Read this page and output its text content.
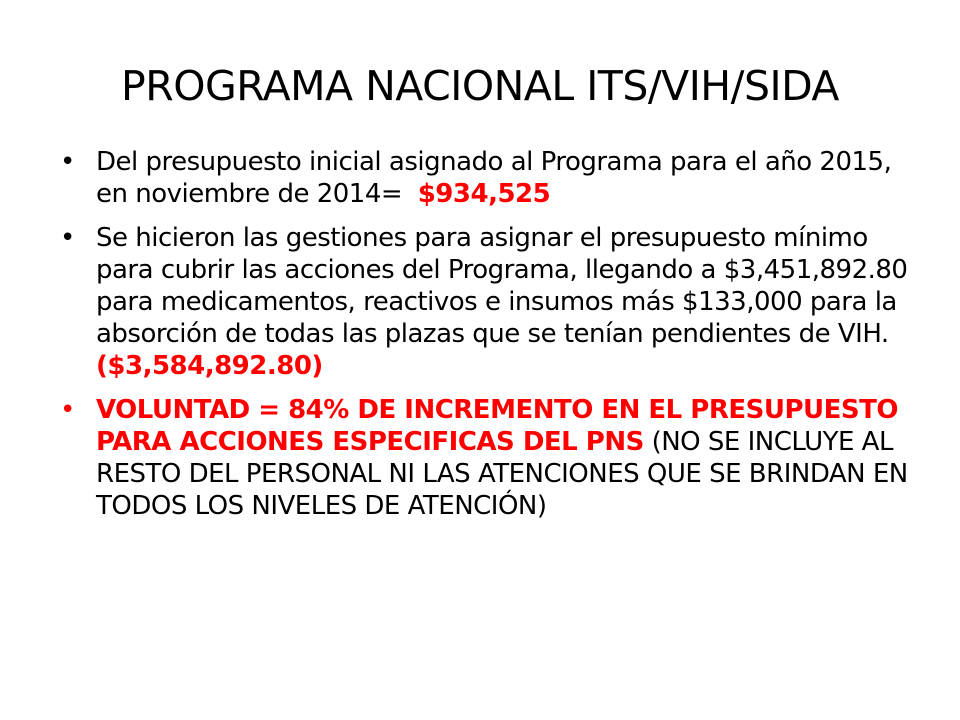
PROGRAMA NACIONAL ITS/VIH/SIDA
• Del presupuesto inicial asignado al Programa para el año 2015, en noviembre de 2014= $934,525
• Se hicieron las gestiones para asignar el presupuesto mínimo para cubrir las acciones del Programa, llegando a $3,451,892.80 para medicamentos, reactivos e insumos más $133,000 para la absorción de todas las plazas que se tenían pendientes de VIH. ($3,584,892.80)
• VOLUNTAD = 84% DE INCREMENTO EN EL PRESUPUESTO PARA ACCIONES ESPECIFICAS DEL PNS (NO SE INCLUYE AL RESTO DEL PERSONAL NI LAS ATENCIONES QUE SE BRINDAN EN TODOS LOS NIVELES DE ATENCIÓN)
